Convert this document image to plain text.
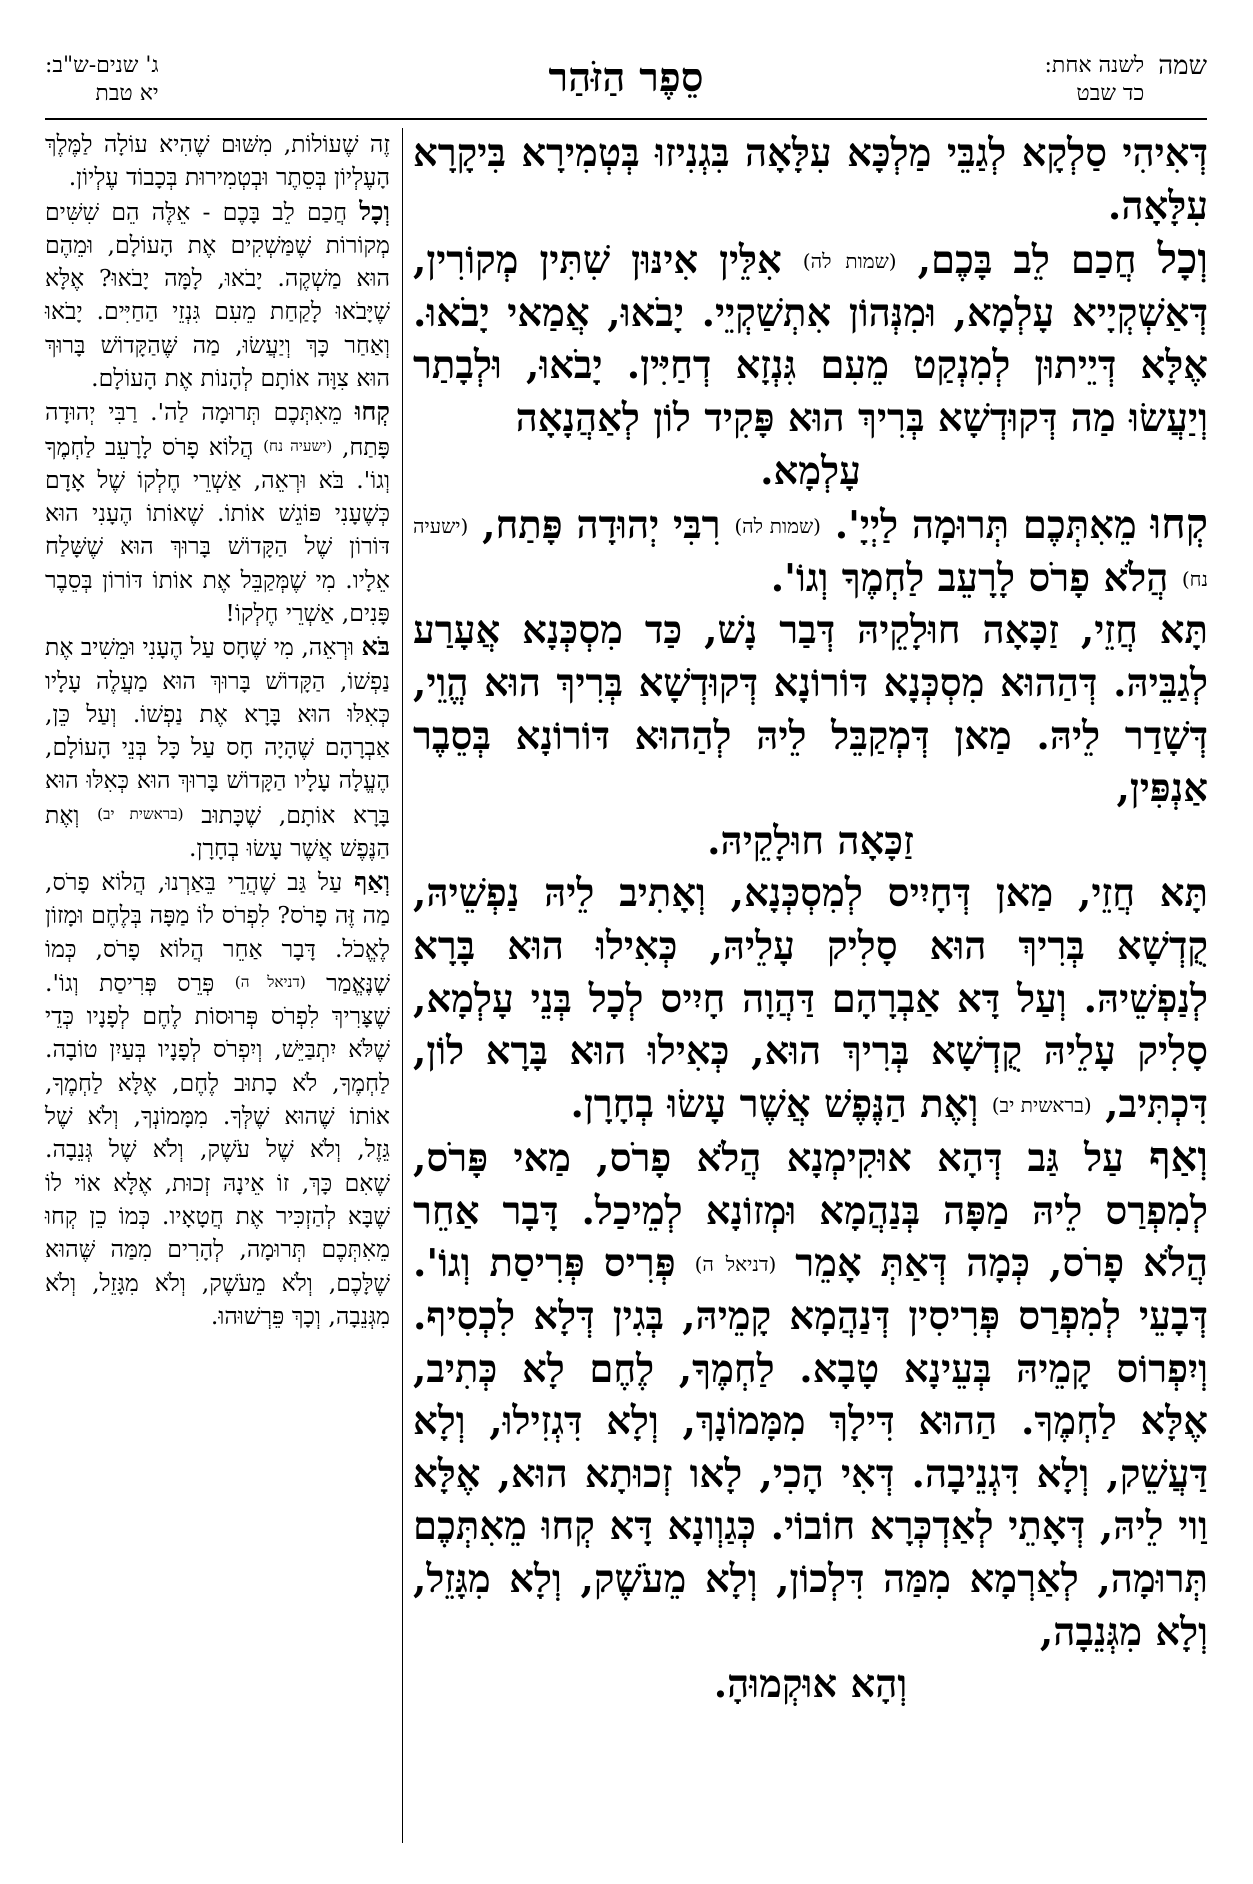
שמה
לשנה אחת:
כד שבט
סֵפֶר הַזֹּהַר
ג' שנים-ש"ב:
יא טבת

דְּאִיהִי סַלְקָא לְגַבֵּי מַלְכָּא עִלָּאָה בִּגְנִיזוּ בְּטְמִירָא בִּיקָרָא עִלָּאָה.

וְכָל חֲכַם לֵב בָּכֶם, (שמות לה) אִלֵּין אִינּוּן שִׁתִּין מְקוֹרִין, דְּאַשְׁקְיָיא עָלְמָא, וּמִנְּהוֹן אִתְשַׁקְיֵי. יָבֹאוּ, אֲמַאי יָבֹאוּ. אֶלָּא דְּיֵיתוּן לְמִנְקַט מֵעִם גִּנְזָא דְחַיִּין. יָבֹאוּ, וּלְבָתַר וְיַעֲשׂוּ מַה דְּקוּדְשָׁא בְּרִיךְ הוּא פָּקִיד לוֹן לְאַהֲנָאָה

עָלְמָא.

קְחוּ מֵאִתְּכֶם תְּרוּמָה לַיְיָ'. (שמות לה) רִבִּי יְהוּדָה פָּתַח, (ישעיה נח) הֲלֹא פָרֹס לָרָעֵב לַחְמֶךָ וְגוֹ'.

תָּא חֲזֵי, זַכָּאָה חוּלָקֵיהּ דְּבַר נָשׁ, כַּד מִסְכְּנָא אֲעָרַע לְגַבֵּיהּ. דְּהַהוּא מִסְכְּנָא דּוֹרוֹנָא דְּקוּדְשָׁא בְּרִיךְ הוּא הֱוֵי, דְּשָׁדַר לֵיהּ. מַאן דְּמְקַבֵּל לֵיהּ לְהַהוּא דּוֹרוֹנָא בְּסֵבֶר אַנְפִּין,

זַכָּאָה חוּלָקֵיהּ.

תָּא חֲזֵי, מַאן דְּחָיִיס לְמִסְכְּנָא, וְאָתִיב לֵיהּ נַפְשֵׁיהּ, קֻדְשָׁא בְּרִיךְ הוּא סָלִיק עָלֵיהּ, כְּאִילוּ הוּא בָּרָא לְנַפְשֵׁיהּ. וְעַל דָּא אַבְרָהָם דַּהֲוָה חָיִיס לְכָל בְּנֵי עָלְמָא, סָלִיק עָלֵיהּ קֻדְשָׁא בְּרִיךְ הוּא, כְּאִילוּ הוּא בָּרָא לוֹן, דִּכְתִּיב, (בראשית יב) וְאֶת הַנֶּפֶשׁ אֲשֶׁר עָשׂוּ בְחָרָן.

וְאַף עַל גַּב דְּהָא אוּקִימְנָא הֲלֹא פָרֹס, מַאי פָּרֹס, לְמִפְרַס לֵיהּ מַפָּה בְּנַהֲמָא וּמְזוֹנָא לְמֵיכַל. דָּבָר אַחֵר הֲלֹא פָרֹס, כְּמָה דְּאַתְּ אָמֵר (דניאל ה) פְּרִיס פְּרִיסַת וְגוֹ'. דְּבָעֵי לְמִפְרַס פְּרִיסִין דְּנַהֲמָא קָמֵיהּ, בְּגִין דְּלָא לִכְסִיף. וְיִפְרוֹס קָמֵיהּ בְּעֵינָא טָבָא. לַחְמֶךָ, לֶחֶם לָא כְּתִיב, אֶלָּא לַחְמֶךָ. הַהוּא דִּילָךְ מִמָּמוֹנָךְ, וְלָא דִּגְזִילוּ, וְלָא דַּעֲשֵׁק, וְלָא דִּגְנֵיבָה. דְּאִי הָכִי, לָאו זְכוּתָא הוּא, אֶלָּא וַוי לֵיהּ, דְּאָתֵי לְאַדְכְּרָא חוֹבוֹי. כְּגַוְונָא דָּא קְחוּ מֵאִתְּכֶם תְּרוּמָה, לְאַרְמָא מִמַּה דִּלְכוֹן, וְלָא מֵעֹשֶׁק, וְלָא מִגָּזֵל, וְלָא מִגְּנֵבָה,

וְהָא אוּקְמוּהָ.

זֶה שֶׁעוֹלוֹת, מִשּׁוּם שֶׁהִיא עוֹלָה לַמֶּלֶךְ הָעֶלְיוֹן בְּסֵתֶר וּבְטְמִירוּת בְּכָבוֹד עֶלְיוֹן.

וְכָל חֲכַם לֵב בָּכֶם - אֵלֶּה הֵם שִׁשִּׁים מְקוֹרוֹת שֶׁמַּשְׁקִים אֶת הָעוֹלָם, וּמֵהֶם הוּא מַשְׁקֶה. יָבֹאוּ, לָמָּה יָבֹאוּ? אֶלָּא שֶׁיָּבֹאוּ לָקַחַת מֵעִם גִּנְזֵי הַחַיִּים. יָבֹאוּ וְאַחַר כָּךְ וְיַעֲשׂוּ, מַה שֶּׁהַקָּדוֹשׁ בָּרוּךְ הוּא צִוָּה אוֹתָם לְהָנוֹת אֶת הָעוֹלָם.

קְחוּ מֵאִתְּכֶם תְּרוּמָה לַה'. רַבִּי יְהוּדָה פָּתַח, (ישעיה נח) הֲלוֹא פָרֹס לָרָעֵב לַחְמֶךָ וְגוֹ'. בֹּא וּרְאֵה, אַשְׁרֵי חֶלְקוֹ שֶׁל אָדָם כְּשֶׁעָנִי פּוֹגֵשׁ אוֹתוֹ. שֶׁאוֹתוֹ הֶעָנִי הוּא דּוֹרוֹן שֶׁל הַקָּדוֹשׁ בָּרוּךְ הוּא שֶׁשָּׁלַח אֵלָיו. מִי שֶׁמְּקַבֵּל אֶת אוֹתוֹ דּוֹרוֹן בְּסֵבֶר פָּנִים, אַשְׁרֵי חֶלְקוֹ!

בֹּא וּרְאֵה, מִי שֶׁחָס עַל הֶעָנִי וּמֵשִׁיב אֶת נַפְשׁוֹ, הַקָּדוֹשׁ בָּרוּךְ הוּא מַעֲלֶה עָלָיו כְּאִלּוּ הוּא בָּרָא אֶת נַפְשׁוֹ. וְעַל כֵּן, אַבְרָהָם שֶׁהָיָה חָס עַל כָּל בְּנֵי הָעוֹלָם, הֶעֱלָה עָלָיו הַקָּדוֹשׁ בָּרוּךְ הוּא כְּאִלּוּ הוּא בָּרָא אוֹתָם, שֶׁכָּתוּב (בראשית יב) וְאֶת הַנֶּפֶשׁ אֲשֶׁר עָשׂוּ בְחָרָן.

וְאַף עַל גַּב שֶׁהֲרֵי בֵּאַרְנוּ, הֲלוֹא פָרֹס, מַה זֶּה פָרֹס? לִפְרֹס לוֹ מַפָּה בְּלֶחֶם וּמָזוֹן לֶאֱכֹל. דָּבָר אַחֵר הֲלוֹא פָרֹס, כְּמוֹ שֶׁנֶּאֱמַר (דניאל ה) פְּרֵס פְּרִיסַת וְגוֹ'. שֶׁצָּרִיךְ לִפְרֹס פְּרוּסוֹת לֶחֶם לְפָנָיו כְּדֵי שֶׁלֹּא יִתְבַּיֵּשׁ, וְיִפְרֹס לְפָנָיו בְּעַיִן טוֹבָה. לַחְמֶךָ, לֹא כָתוּב לֶחֶם, אֶלָּא לַחְמֶךָ, אוֹתוֹ שֶׁהוּא שֶׁלְּךָ. מִמָּמוֹנְךָ, וְלֹא שֶׁל גֵּזֶל, וְלֹא שֶׁל עֹשֶׁק, וְלֹא שֶׁל גְּנֵבָה. שֶׁאִם כָּךְ, זוֹ אֵינָהּ זְכוּת, אֶלָּא אוֹי לוֹ שֶׁבָּא לְהַזְכִּיר אֶת חֲטָאָיו. כְּמוֹ כֵן קְחוּ מֵאִתְּכֶם תְּרוּמָה, לְהָרִים מִמַּה שֶּׁהוּא שֶׁלָּכֶם, וְלֹא מֵעֹשֶׁק, וְלֹא מִגָּזֵל, וְלֹא מִגְּנֵבָה, וְכָךְ פֵּרְשׁוּהוּ.
